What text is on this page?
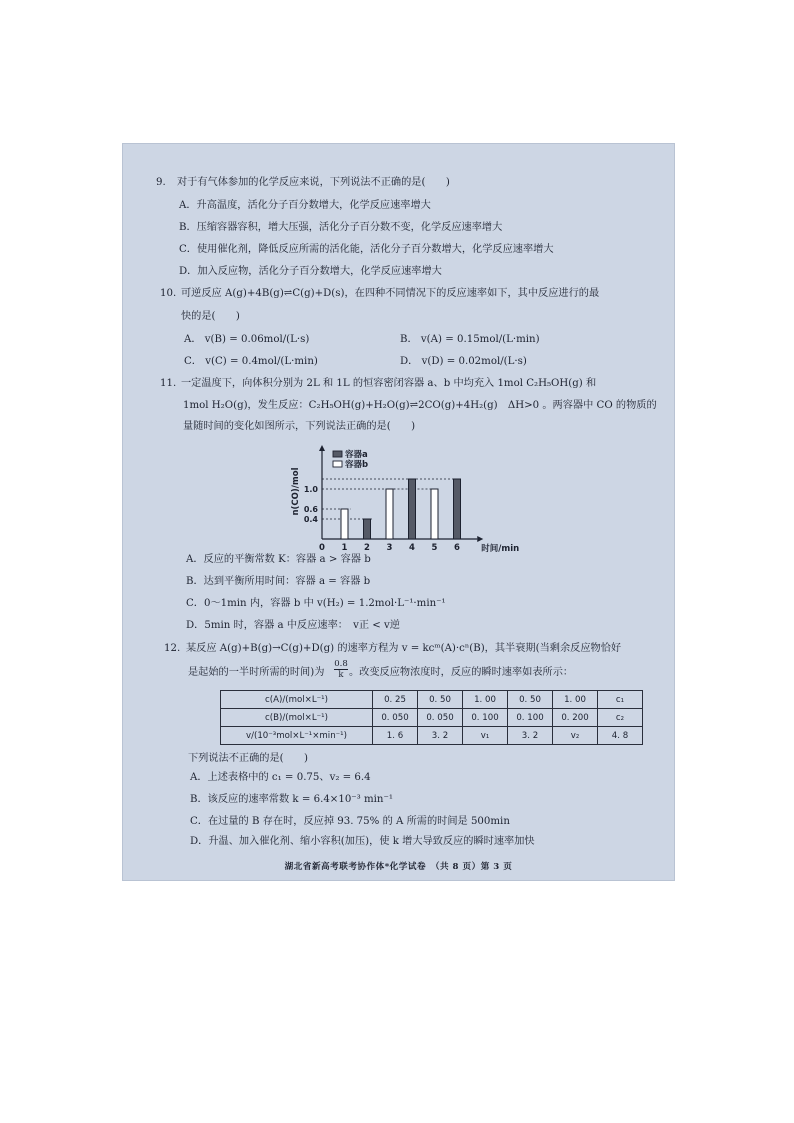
9. 对于有气体参加的化学反应来说，下列说法不正确的是(　　)
A．升高温度，活化分子百分数增大，化学反应速率增大
B．压缩容器容积，增大压强，活化分子百分数不变，化学反应速率增大
C．使用催化剂，降低反应所需的活化能，活化分子百分数增大，化学反应速率增大
D．加入反应物，活化分子百分数增大，化学反应速率增大
10. 可逆反应 A(g)+4B(g)⇌C(g)+D(s)，在四种不同情况下的反应速率如下，其中反应进行的最
快的是(　　)
A． v(B) = 0.06mol/(L·s)	B． v(A) = 0.15mol/(L·min)
C． v(C) = 0.4mol/(L·min)	D． v(D) = 0.02mol/(L·s)
11. 一定温度下，向体积分别为 2L 和 1L 的恒容密闭容器 a、b 中均充入 1mol C₂H₅OH(g) 和
1mol H₂O(g)，发生反应：C₂H₅OH(g)+H₂O(g)⇌2CO(g)+4H₂(g)　ΔH>0 。两容器中 CO 的物质的
量随时间的变化如图所示，下列说法正确的是(　　)
0 1 2 3 4 5 6	时间/min
0.4
0.6
1.0
n(CO)/mol
容器a
容器b
A．反应的平衡常数 K：容器 a > 容器 b
B．达到平衡所用时间：容器 a = 容器 b
C．0～1min 内，容器 b 中 v(H₂) = 1.2mol·L⁻¹·min⁻¹
D．5min 时，容器 a 中反应速率：　v正 < v逆
12. 某反应 A(g)+B(g)→C(g)+D(g) 的速率方程为 v = kcᵐ(A)·cⁿ(B)，其半衰期(当剩余反应物恰好
是起始的一半时所需的时间)为
0.8
k 。改变反应物浓度时，反应的瞬时速率如表所示：
c(A)/(mol×L⁻¹)	0. 25	0. 50	1. 00	0. 50	1. 00	c₁
c(B)/(mol×L⁻¹)	0. 050	0. 050	0. 100	0. 100	0. 200	c₂
v/(10⁻³mol×L⁻¹×min⁻¹)	1. 6	3. 2	v₁	3. 2	v₂	4. 8
下列说法不正确的是(　　)
A．上述表格中的 c₁ = 0.75、v₂ = 6.4
B．该反应的速率常数 k = 6.4×10⁻³ min⁻¹
C．在过量的 B 存在时，反应掉 93. 75% 的 A 所需的时间是 500min
D．升温、加入催化剂、缩小容积(加压)，使 k 增大导致反应的瞬时速率加快
湖北省新高考联考协作体*化学试卷　（共 8 页）第 3 页
